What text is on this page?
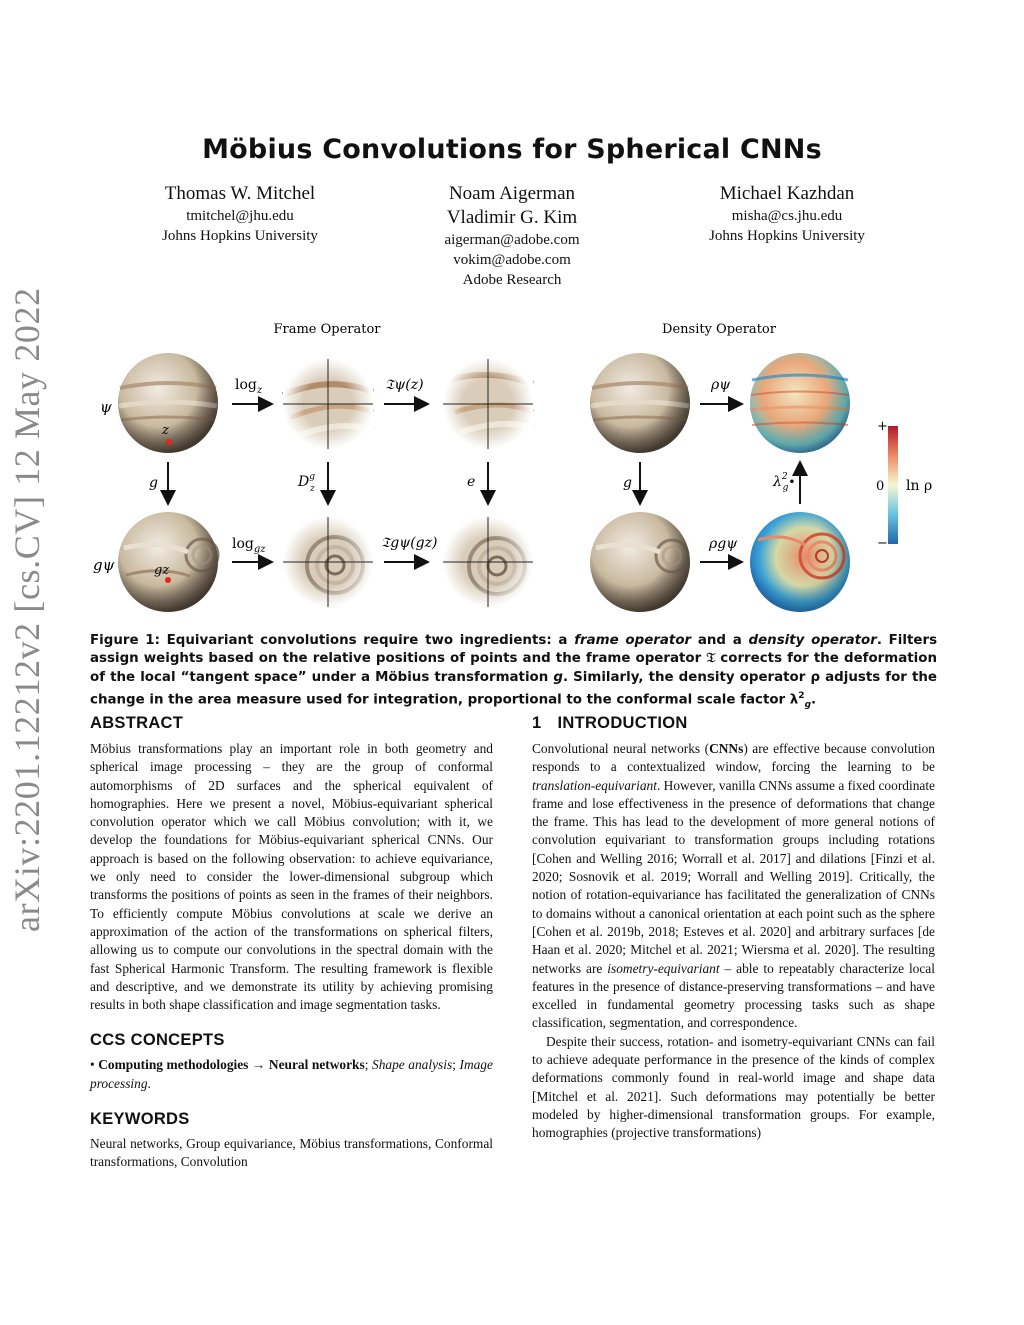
arXiv:2201.12212v2 [cs.CV] 12 May 2022
Möbius Convolutions for Spherical CNNs
Thomas W. Mitchel
tmitchel@jhu.edu
Johns Hopkins University
Noam Aigerman
Vladimir G. Kim
aigerman@adobe.com
vokim@adobe.com
Adobe Research
Michael Kazhdan
misha@cs.jhu.edu
Johns Hopkins University
Frame Operator	Density Operator
ψ
z
gψ	gz
g
$\log_z$	𝔗ψ(z)
$D^g$ z	e
$\log_{gz}$	𝔗gψ(gz)
g
ρψ
ρgψ
$\lambda^2$ g•
+
0
−
ln ρ
Figure 1: Equivariant convolutions require two ingredients: a frame operator and a density operator. Filters assign weights based on the relative positions of points and the frame operator 𝔗 corrects for the deformation of the local “tangent space” under a Möbius transformation g. Similarly, the density operator ρ adjusts for the change in the area measure used for integration, proportional to the conformal scale factor $\lambda^2_g$.
ABSTRACT

Möbius transformations play an important role in both geometry and spherical image processing – they are the group of conformal automorphisms of 2D surfaces and the spherical equivalent of homographies. Here we present a novel, Möbius-equivariant spherical convolution operator which we call Möbius convolution; with it, we develop the foundations for Möbius-equivariant spherical CNNs. Our approach is based on the following observation: to achieve equivariance, we only need to consider the lower-dimensional subgroup which transforms the positions of points as seen in the frames of their neighbors. To efficiently compute Möbius convolutions at scale we derive an approximation of the action of the transformations on spherical filters, allowing us to compute our convolutions in the spectral domain with the fast Spherical Harmonic Transform. The resulting framework is flexible and descriptive, and we demonstrate its utility by achieving promising results in both shape classification and image segmentation tasks.

CCS CONCEPTS

• Computing methodologies → Neural networks; Shape analysis; Image processing.

KEYWORDS

Neural networks, Group equivariance, Möbius transformations, Conformal transformations, Convolution

1 INTRODUCTION

Convolutional neural networks (CNNs) are effective because convolution responds to a contextualized window, forcing the learning to be translation-equivariant. However, vanilla CNNs assume a fixed coordinate frame and lose effectiveness in the presence of deformations that change the frame. This has lead to the development of more general notions of convolution equivariant to transformation groups including rotations [Cohen and Welling 2016; Worrall et al. 2017] and dilations [Finzi et al. 2020; Sosnovik et al. 2019; Worrall and Welling 2019]. Critically, the notion of rotation-equivariance has facilitated the generalization of CNNs to domains without a canonical orientation at each point such as the sphere [Cohen et al. 2019b, 2018; Esteves et al. 2020] and arbitrary surfaces [de Haan et al. 2020; Mitchel et al. 2021; Wiersma et al. 2020]. The resulting networks are isometry-equivariant – able to repeatably characterize local features in the presence of distance-preserving transformations – and have excelled in fundamental geometry processing tasks such as shape classification, segmentation, and correspondence.

Despite their success, rotation- and isometry-equivariant CNNs can fail to achieve adequate performance in the presence of the kinds of complex deformations commonly found in real-world image and shape data [Mitchel et al. 2021]. Such deformations may potentially be better modeled by higher-dimensional transformation groups. For example, homographies (projective transformations)
